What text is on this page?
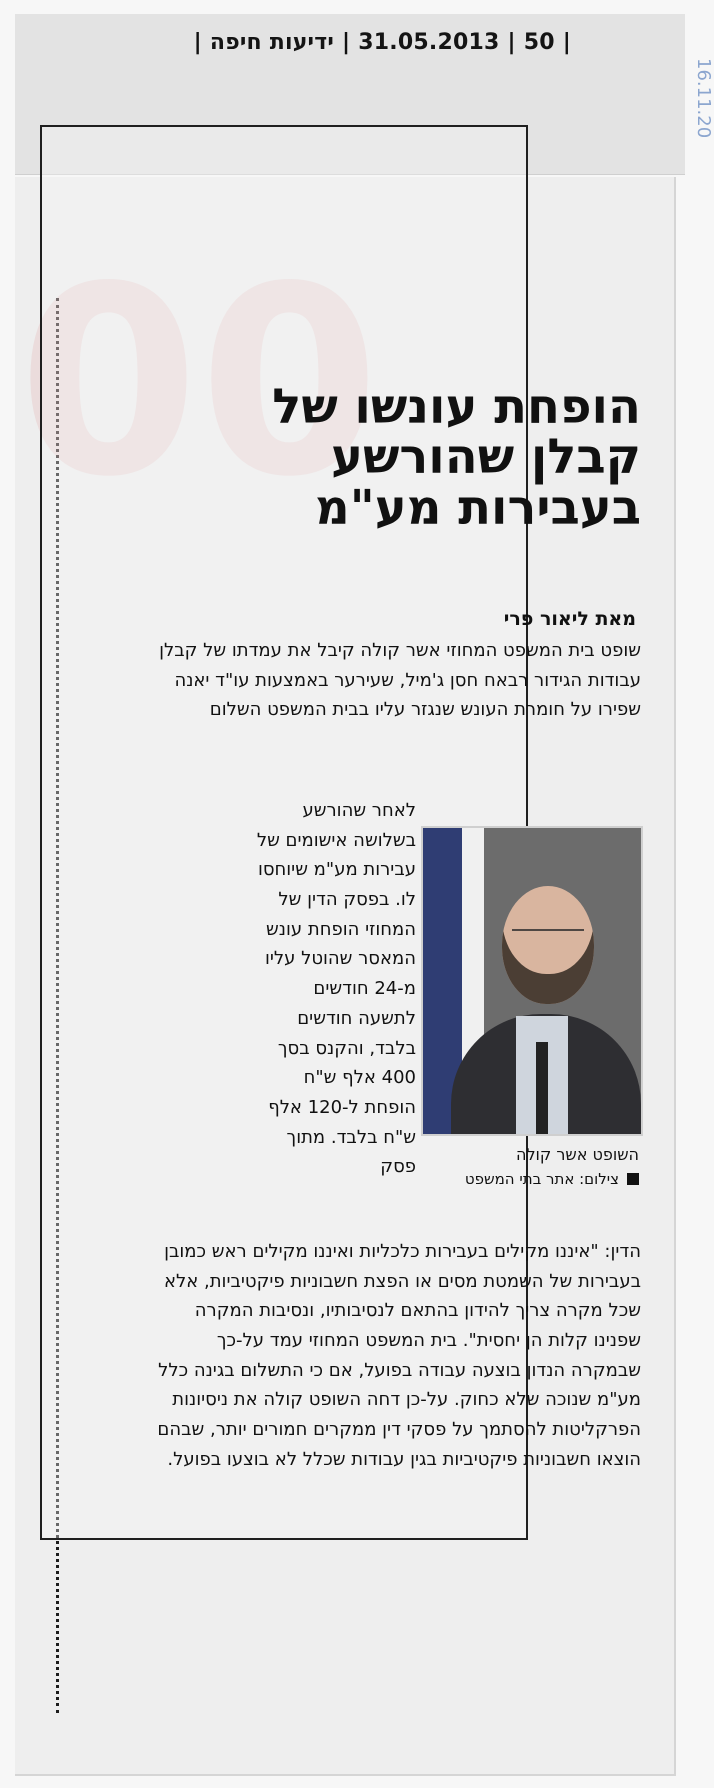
|
50
|
31.05.2013
|
ידיעות חיפה
|
16.11.20
00
הופחת עונשו של קבלן שהורשע בעבירות מע"מ
מאת ליאור פרי
שופט בית המשפט המחוזי אשר קולה קיבל את עמדתו של קבלן עבודות הגידור רבאח חסן ג'מיל, שעירער באמצעות עו"ד יאנה שפירו על חומרת העונש שנגזר עליו בבית המשפט השלום
לאחר שהורשע בשלושה אישומים של עבירות מע"מ שיוחסו לו. בפסק הדין של המחוזי הופחת עונש המאסר שהוטל עליו מ-24 חודשים לתשעה חודשים בלבד, והקנס בסך 400 אלף ש"ח הופחת ל-120 אלף ש"ח בלבד. מתוך פסק
השופט אשר קולה
צילום: אתר בתי המשפט
הדין: "איננו מקילים בעבירות כלכליות ואיננו מקילים ראש כמובן בעבירות של השמטת מסים או הפצת חשבוניות פיקטיביות, אלא שכל מקרה צריך להידון בהתאם לנסיבותיו, ונסיבות המקרה שפנינו קלות הן יחסית". בית המשפט המחוזי עמד על-כך שבמקרה הנדון בוצעה עבודה בפועל, אם כי התשלום בגינה כלל מע"מ שנוכה שלא כחוק. על-כן דחה השופט קולה את ניסיונות הפרקליטות להסתמך על פסקי דין ממקרים חמורים יותר, שבהם הוצאו חשבוניות פיקטיביות בגין עבודות שכלל לא בוצעו בפועל.
